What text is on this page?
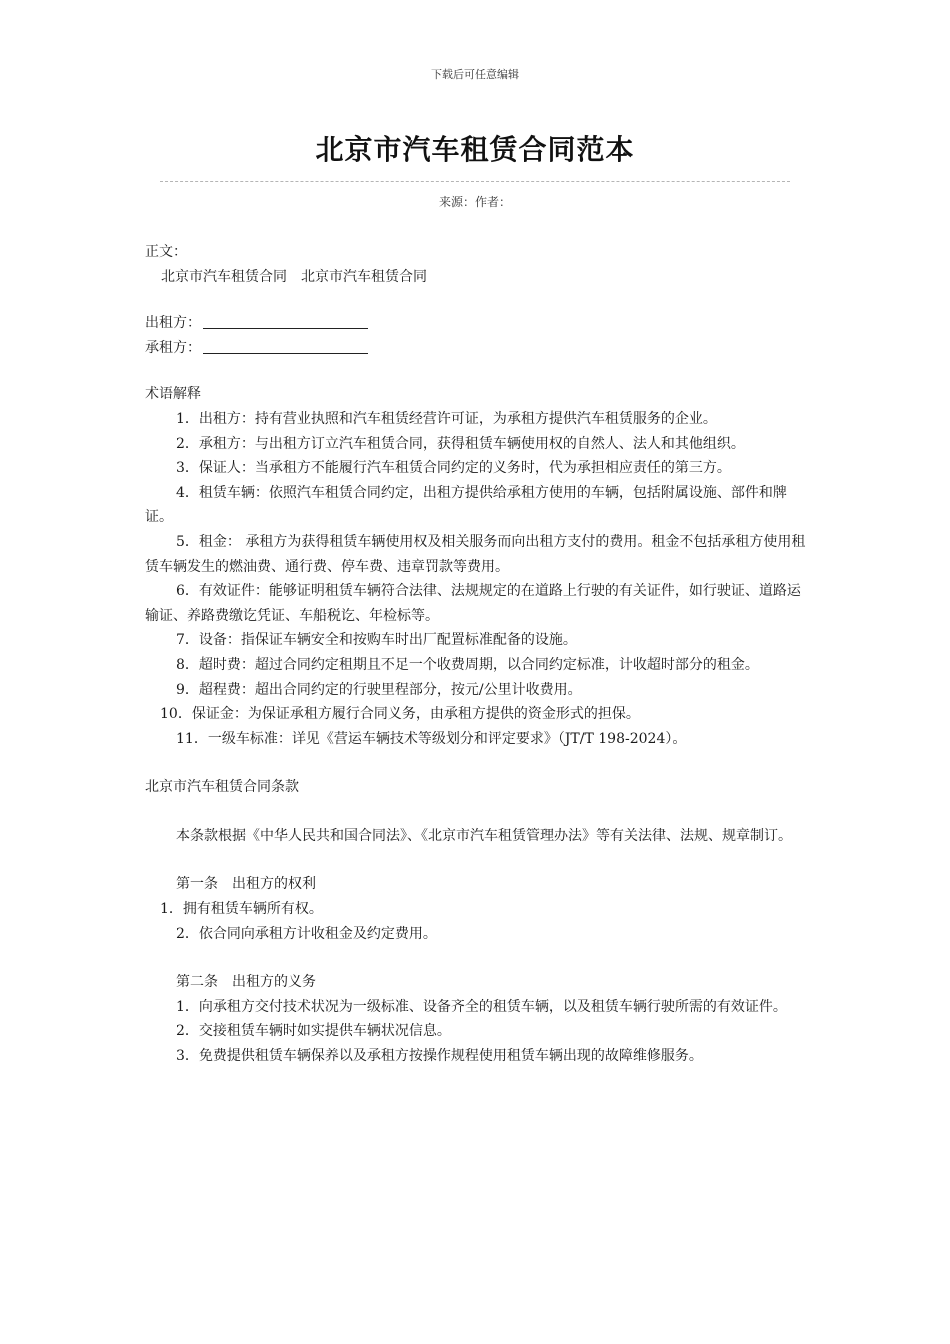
下载后可任意编辑
北京市汽车租赁合同范本
来源：作者：

正文：

北京市汽车租赁合同　北京市汽车租赁合同

出租方：

承租方：

术语解释

1．出租方：持有营业执照和汽车租赁经营许可证，为承租方提供汽车租赁服务的企业。

2．承租方：与出租方订立汽车租赁合同，获得租赁车辆使用权的自然人、法人和其他组织。

3．保证人：当承租方不能履行汽车租赁合同约定的义务时，代为承担相应责任的第三方。

4．租赁车辆：依照汽车租赁合同约定，出租方提供给承租方使用的车辆，包括附属设施、部件和牌证。

5．租金： 承租方为获得租赁车辆使用权及相关服务而向出租方支付的费用。租金不包括承租方使用租赁车辆发生的燃油费、通行费、停车费、违章罚款等费用。

6．有效证件：能够证明租赁车辆符合法律、法规规定的在道路上行驶的有关证件，如行驶证、道路运输证、养路费缴讫凭证、车船税讫、年检标等。

7．设备：指保证车辆安全和按购车时出厂配置标准配备的设施。

8．超时费：超过合同约定租期且不足一个收费周期，以合同约定标准，计收超时部分的租金。

9．超程费：超出合同约定的行驶里程部分，按元/公里计收费用。

10．保证金：为保证承租方履行合同义务，由承租方提供的资金形式的担保。

11．一级车标准：详见《营运车辆技术等级划分和评定要求》（JT/T 198-2024）。

北京市汽车租赁合同条款

本条款根据《中华人民共和国合同法》、《北京市汽车租赁管理办法》等有关法律、法规、规章制订。

第一条　出租方的权利

1．拥有租赁车辆所有权。

2．依合同向承租方计收租金及约定费用。

第二条　出租方的义务

1．向承租方交付技术状况为一级标准、设备齐全的租赁车辆，以及租赁车辆行驶所需的有效证件。

2．交接租赁车辆时如实提供车辆状况信息。

3．免费提供租赁车辆保养以及承租方按操作规程使用租赁车辆出现的故障维修服务。
